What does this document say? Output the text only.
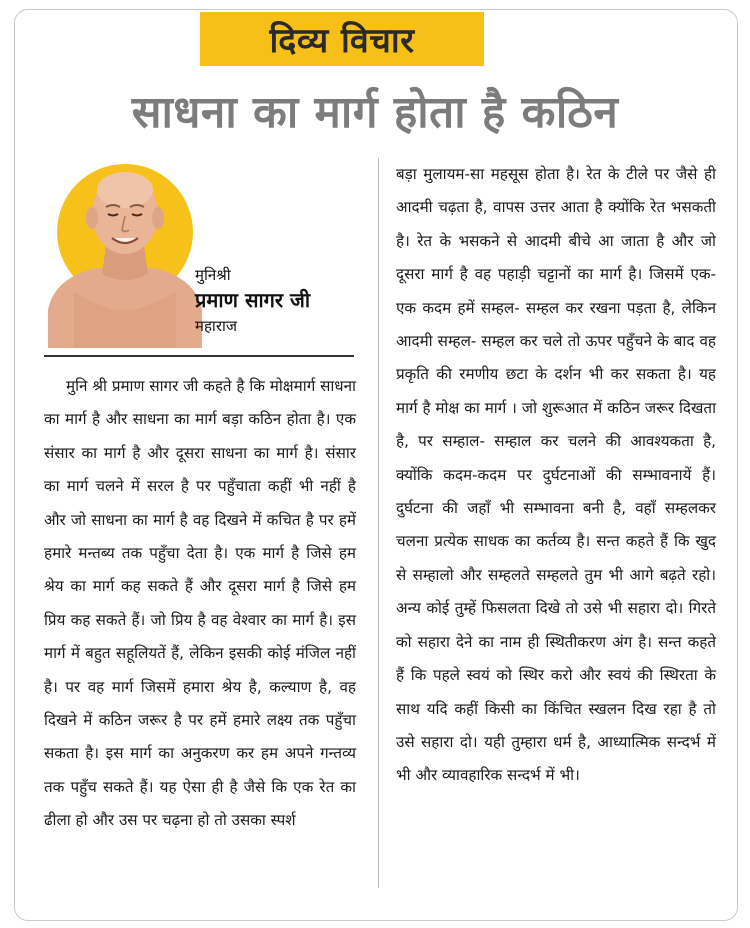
दिव्य विचार
साधना का मार्ग होता है कठिन
मुनिश्री
प्रमाण सागर जी
महाराज
मुनि श्री प्रमाण सागर जी कहते है कि मोक्षमार्ग साधना का मार्ग है और साधना का मार्ग बड़ा कठिन होता है। एक संसार का मार्ग है और दूसरा साधना का मार्ग है। संसार का मार्ग चलने में सरल है पर पहुँचाता कहीं भी नहीं है और जो साधना का मार्ग है वह दिखने में कचित है पर हमें हमारे मन्तब्य तक पहुँचा देता है। एक मार्ग है जिसे हम श्रेय का मार्ग कह सकते हैं और दूसरा मार्ग है जिसे हम प्रिय कह सकते हैं। जो प्रिय है वह वेश्वार का मार्ग है। इस मार्ग में बहुत सहूलियतें हैं, लेकिन इसकी कोई मंजिल नहीं है। पर वह मार्ग जिसमें हमारा श्रेय है, कल्याण है, वह दिखने में कठिन जरूर है पर हमें हमारे लक्ष्य तक पहुँचा सकता है। इस मार्ग का अनुकरण कर हम अपने गन्तव्य तक पहुँच सकते हैं। यह ऐसा ही है जैसे कि एक रेत का ढीला हो और उस पर चढ़ना हो तो उसका स्पर्श
बड़ा मुलायम-सा महसूस होता है। रेत के टीले पर जैसे ही आदमी चढ़ता है, वापस उत्तर आता है क्योंकि रेत भसकती है। रेत के भसकने से आदमी बीचे आ जाता है और जो दूसरा मार्ग है वह पहाड़ी चट्टानों का मार्ग है। जिसमें एक-एक कदम हमें सम्हल- सम्हल कर रखना पड़ता है, लेकिन आदमी सम्हल- सम्हल कर चले तो ऊपर पहुँचने के बाद वह प्रकृति की रमणीय छटा के दर्शन भी कर सकता है। यह मार्ग है मोक्ष का मार्ग । जो शुरूआत में कठिन जरूर दिखता है, पर सम्हाल- सम्हाल कर चलने की आवश्यकता है, क्योंकि कदम-कदम पर दुर्घटनाओं की सम्भावनायें हैं। दुर्घटना की जहाँ भी सम्भावना बनी है, वहाँ सम्हलकर चलना प्रत्येक साधक का कर्तव्य है। सन्त कहते हैं कि खुद से सम्हालो और सम्हलते सम्हलते तुम भी आगे बढ़ते रहो। अन्य कोई तुम्हें फिसलता दिखे तो उसे भी सहारा दो। गिरते को सहारा देने का नाम ही स्थितीकरण अंग है। सन्त कहते हैं कि पहले स्वयं को स्थिर करो और स्वयं की स्थिरता के साथ यदि कहीं किसी का किंचित स्खलन दिख रहा है तो उसे सहारा दो। यही तुम्हारा धर्म है, आध्यात्मिक सन्दर्भ में भी और व्यावहारिक सन्दर्भ में भी।
